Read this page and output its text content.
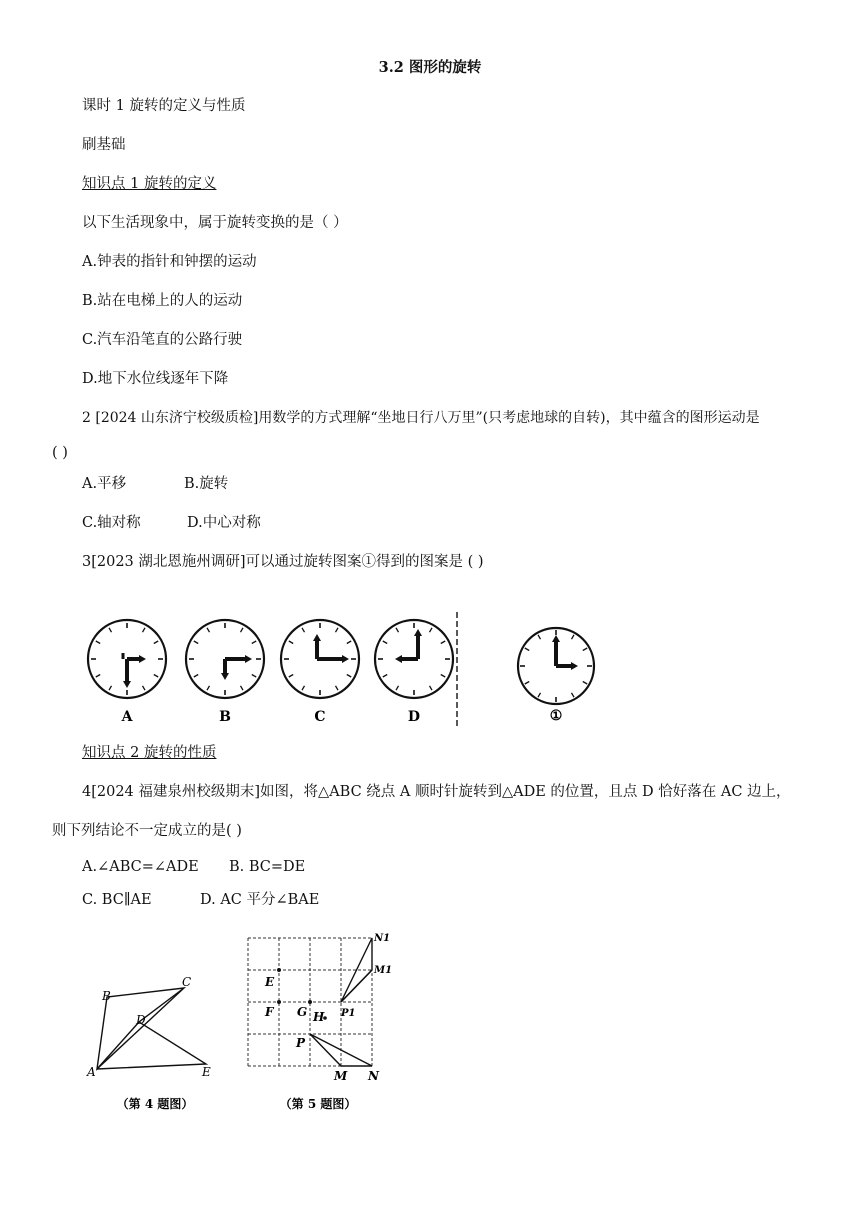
3.2 图形的旋转
课时 1 旋转的定义与性质
刷基础
知识点 1 旋转的定义
以下生活现象中，属于旋转变换的是（ ）
A.钟表的指针和钟摆的运动
B.站在电梯上的人的运动
C.汽车沿笔直的公路行驶
D.地下水位线逐年下降
2 [2024 山东济宁校级质检]用数学的方式理解“坐地日行八万里”(只考虑地球的自转)，其中蕴含的图形运动是
( )
A.平移	B.旋转
C.轴对称	D.中心对称
3[2023 湖北恩施州调研]可以通过旋转图案①得到的图案是 ( )
A	B	C	D	①
知识点 2 旋转的性质
4[2024 福建泉州校级期末]如图，将△ABC 绕点 A 顺时针旋转到△ADE 的位置，且点 D 恰好落在 AC 边上，
则下列结论不一定成立的是( )
A.∠ABC=∠ADE B. BC=DE
C. BC∥AE	D. AC 平分∠BAE
A
B
C
D
E
（第 4 题图）
E
F G H
P
M N
N1
M1
P1
（第 5 题图）
